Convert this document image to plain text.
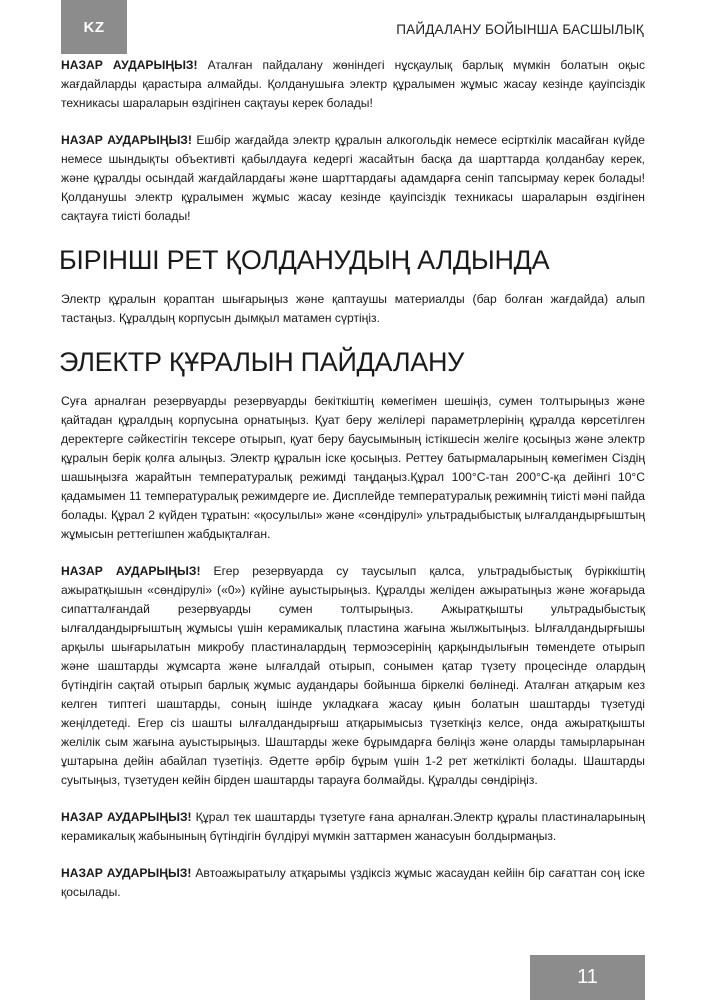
KZ	ПАЙДАЛАНУ БОЙЫНША БАСШЫЛЫҚ

НАЗАР АУДАРЫҢЫЗ! Аталған пайдалану жөніндегі нұсқаулық барлық мүмкін болатын оқыс жағдайларды қарастыра алмайды. Қолданушыға электр құралымен жұмыс жасау кезінде қауіпсіздік техникасы шараларын өздігінен сақтауы керек болады!

НАЗАР АУДАРЫҢЫЗ! Ешбір жағдайда электр құралын алкогольдік немесе есірткілік масайған күйде немесе шындықты объективті қабылдауға кедергі жасайтын басқа да шарттарда қолданбау керек, және құралды осындай жағдайлардағы және шарттардағы адамдарға сеніп тапсырмау керек болады! Қолданушы электр құралымен жұмыс жасау кезінде қауіпсіздік техникасы шараларын өздігінен сақтауға тиісті болады!

БІРІНШІ РЕТ ҚОЛДАНУДЫҢ АЛДЫНДА

Электр құралын қораптан шығарыңыз және қаптаушы материалды (бар болған жағдайда) алып тастаңыз. Құралдың корпусын дымқыл матамен сүртіңіз.

ЭЛЕКТР ҚҰРАЛЫН ПАЙДАЛАНУ

Суға арналған резервуарды резервуарды бекіткіштің көмегімен шешіңіз, сумен толтырыңыз және қайтадан құралдың корпусына орнатыңыз. Қуат беру желілері параметрлерінің құралда көрсетілген деректерге сәйкестігін тексере отырып, қуат беру баусымының істікшесін желіге қосыңыз және электр құралын берік қолға алыңыз. Электр құралын іске қосыңыз. Реттеу батырмаларының көмегімен Сіздің шашыңызға жарайтын температуралық режимді таңдаңыз.Құрал 100°С-тан 200°С-қа дейінгі 10°С қадамымен 11 температуралық режимдерге ие. Дисплейде температуралық режимнің тиісті мәні пайда болады. Құрал 2 күйден тұратын: «қосулылы» және «сөндірулі» ультрадыбыстық ылғалдандырғыштың жұмысын реттегішпен жабдықталған.

НАЗАР АУДАРЫҢЫЗ! Егер резервуарда су таусылып қалса, ультрадыбыстық бүріккіштің ажыратқышын «сөндірулі» («0») күйіне ауыстырыңыз. Құралды желіден ажыратыңыз және жоғарыда сипатталғандай резервуарды сумен толтырыңыз. Ажыратқышты ультрадыбыстық ылғалдандырғыштың жұмысы үшін керамикалық пластина жағына жылжытыңыз. Ылғалдандырғышы арқылы шығарылатын микробу пластиналардың термоэсерінің қарқындылығын төмендете отырып және шаштарды жұмсарта және ылғалдай отырып, сонымен қатар түзету процесінде олардың бүтіндігін сақтай отырып барлық жұмыс аудандары бойынша біркелкі бөлінеді. Аталған атқарым кез келген типтегі шаштарды, соның ішінде укладкаға жасау қиын болатын шаштарды түзетуді жеңілдетеді. Егер сіз шашты ылғалдандырғыш атқарымысыз түзеткіңіз келсе, онда ажыратқышты желілік сым жағына ауыстырыңыз. Шаштарды жеке бұрымдарға бөліңіз және оларды тамырларынан ұштарына дейін абайлап түзетіңіз. Әдетте әрбір бұрым үшін 1-2 рет жеткілікті болады. Шаштарды суытыңыз, түзетуден кейін бірден шаштарды тарауға болмайды. Құралды сөндіріңіз.

НАЗАР АУДАРЫҢЫЗ! Құрал тек шаштарды түзетуге ғана арналған.Электр құралы пластиналарының керамикалық жабынының бүтіндігін бүлдіруі мүмкін заттармен жанасуын болдырмаңыз.

НАЗАР АУДАРЫҢЫЗ! Автоажыратылу атқарымы үздіксіз жұмыс жасаудан кейіін бір сағаттан соң іске қосылады.

11
